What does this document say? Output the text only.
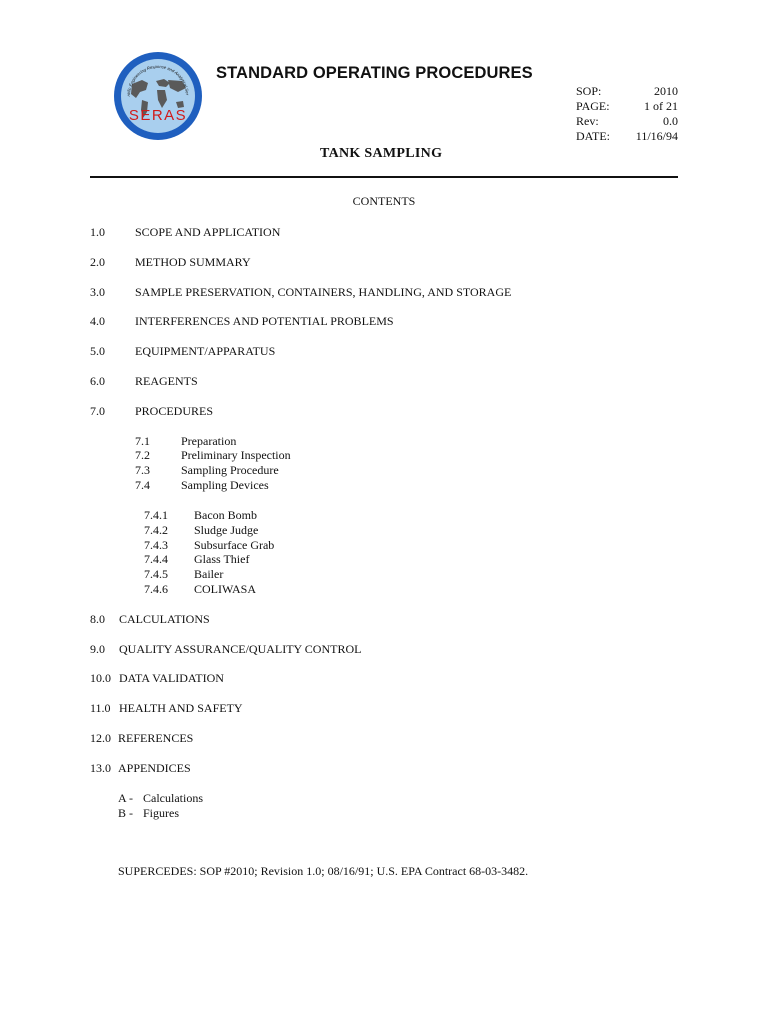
ntific Engineering Response and Analytical Ser
SERAS
STANDARD OPERATING PROCEDURES
SOP:	2010
PAGE:	1 of 21
Rev:	0.0
DATE: 11/16/94
TANK SAMPLING
CONTENTS
1.0	SCOPE AND APPLICATION
2.0	METHOD SUMMARY
3.0	SAMPLE PRESERVATION, CONTAINERS, HANDLING, AND STORAGE
4.0	INTERFERENCES AND POTENTIAL PROBLEMS
5.0	EQUIPMENT/APPARATUS
6.0	REAGENTS
7.0	PROCEDURES
7.1	Preparation
7.2	Preliminary Inspection
7.3	Sampling Procedure
7.4	Sampling Devices
7.4.1 Bacon Bomb
7.4.2 Sludge Judge
7.4.3 Subsurface Grab
7.4.4 Glass Thief
7.4.5 Bailer
7.4.6 COLIWASA
8.0 CALCULATIONS
9.0 QUALITY ASSURANCE/QUALITY CONTROL
10.0 DATA VALIDATION
11.0 HEALTH AND SAFETY
12.0 REFERENCES
13.0 APPENDICES
A - Calculations
B - Figures
SUPERCEDES: SOP #2010; Revision 1.0; 08/16/91; U.S. EPA Contract 68-03-3482.
